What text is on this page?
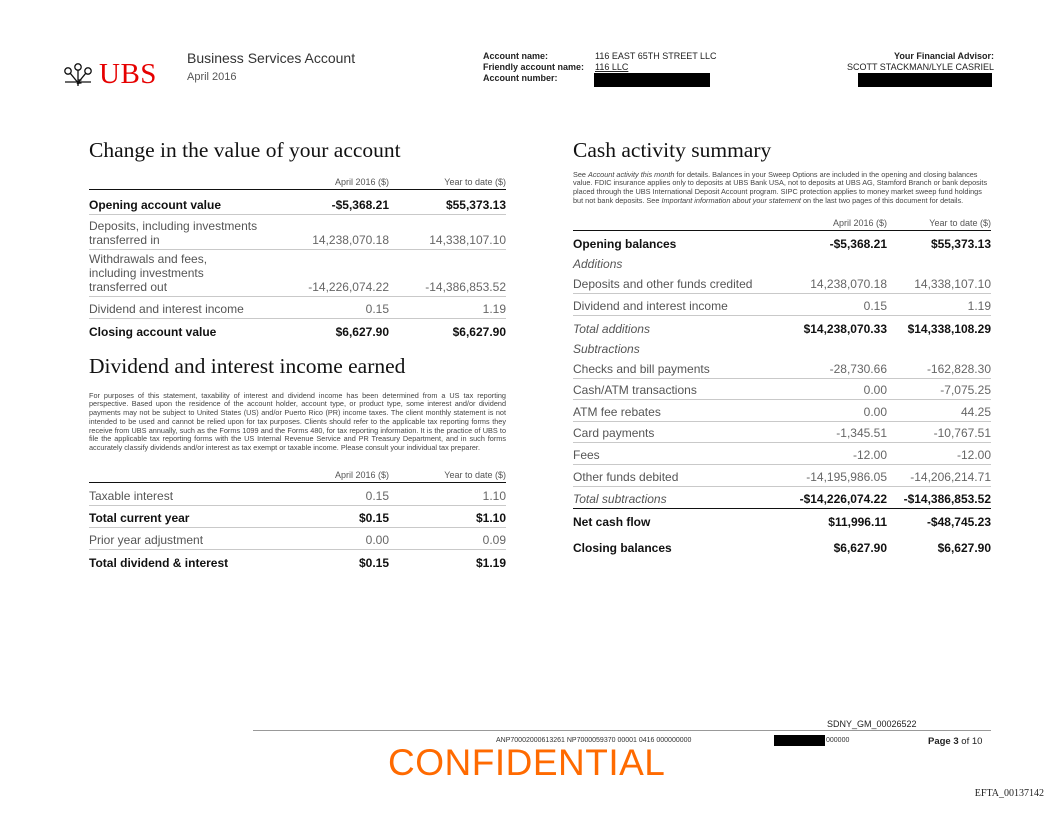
UBS Business Services Account
April 2016
Account name:	116 EAST 65TH STREET LLC
Friendly account name:	116 LLC
Account number:
Your Financial Advisor:
SCOTT STACKMAN/LYLE CASRIEL
Change in the value of your account
April 2016 ($)	Year to date ($)
Opening account value	-$5,368.21	$55,373.13
Deposits, including investments transferred in	14,238,070.18	14,338,107.10
Withdrawals and fees, including investments transferred out	-14,226,074.22	-14,386,853.52
Dividend and interest income	0.15	1.19
Closing account value	$6,627.90	$6,627.90
Dividend and interest income earned

For purposes of this statement, taxability of interest and dividend income has been determined from a US tax reporting perspective. Based upon the residence of the account holder, account type, or product type, some interest and/or dividend payments may not be subject to United States (US) and/or Puerto Rico (PR) income taxes. The client monthly statement is not intended to be used and cannot be relied upon for tax purposes. Clients should refer to the applicable tax reporting forms they receive from UBS annually, such as the Forms 1099 and the Forms 480, for tax reporting information. It is the practice of UBS to file the applicable tax reporting forms with the US Internal Revenue Service and PR Treasury Department, and in such forms accurately classify dividends and/or interest as tax exempt or taxable income. Please consult your individual tax preparer.

April 2016 ($)	Year to date ($)
Taxable interest	0.15	1.10
Total current year	$0.15	$1.10
Prior year adjustment	0.00	0.09
Total dividend & interest	$0.15	$1.19
Cash activity summary

See Account activity this month for details. Balances in your Sweep Options are included in the opening and closing balances value. FDIC insurance applies only to deposits at UBS Bank USA, not to deposits at UBS AG, Stamford Branch or bank deposits placed through the UBS International Deposit Account program. SIPC protection applies to money market sweep fund holdings but not bank deposits. See Important information about your statement on the last two pages of this document for details.

April 2016 ($)	Year to date ($)
Opening balances	-$5,368.21	$55,373.13
Additions
Deposits and other funds credited	14,238,070.18	14,338,107.10
Dividend and interest income	0.15	1.19
Total additions	$14,238,070.33	$14,338,108.29
Subtractions
Checks and bill payments	-28,730.66	-162,828.30
Cash/ATM transactions	0.00	-7,075.25
ATM fee rebates	0.00	44.25
Card payments	-1,345.51	-10,767.51
Fees	-12.00	-12.00
Other funds debited	-14,195,986.05	-14,206,214.71
Total subtractions	-$14,226,074.22	-$14,386,853.52
Net cash flow	$11,996.11	-$48,745.23
Closing balances	$6,627.90	$6,627.90
SDNY_GM_00026522
ANP70002000613261 NP7000059370 00001 0416 000000000	000000	Page 3 of 10
CONFIDENTIAL
EFTA_00137142
